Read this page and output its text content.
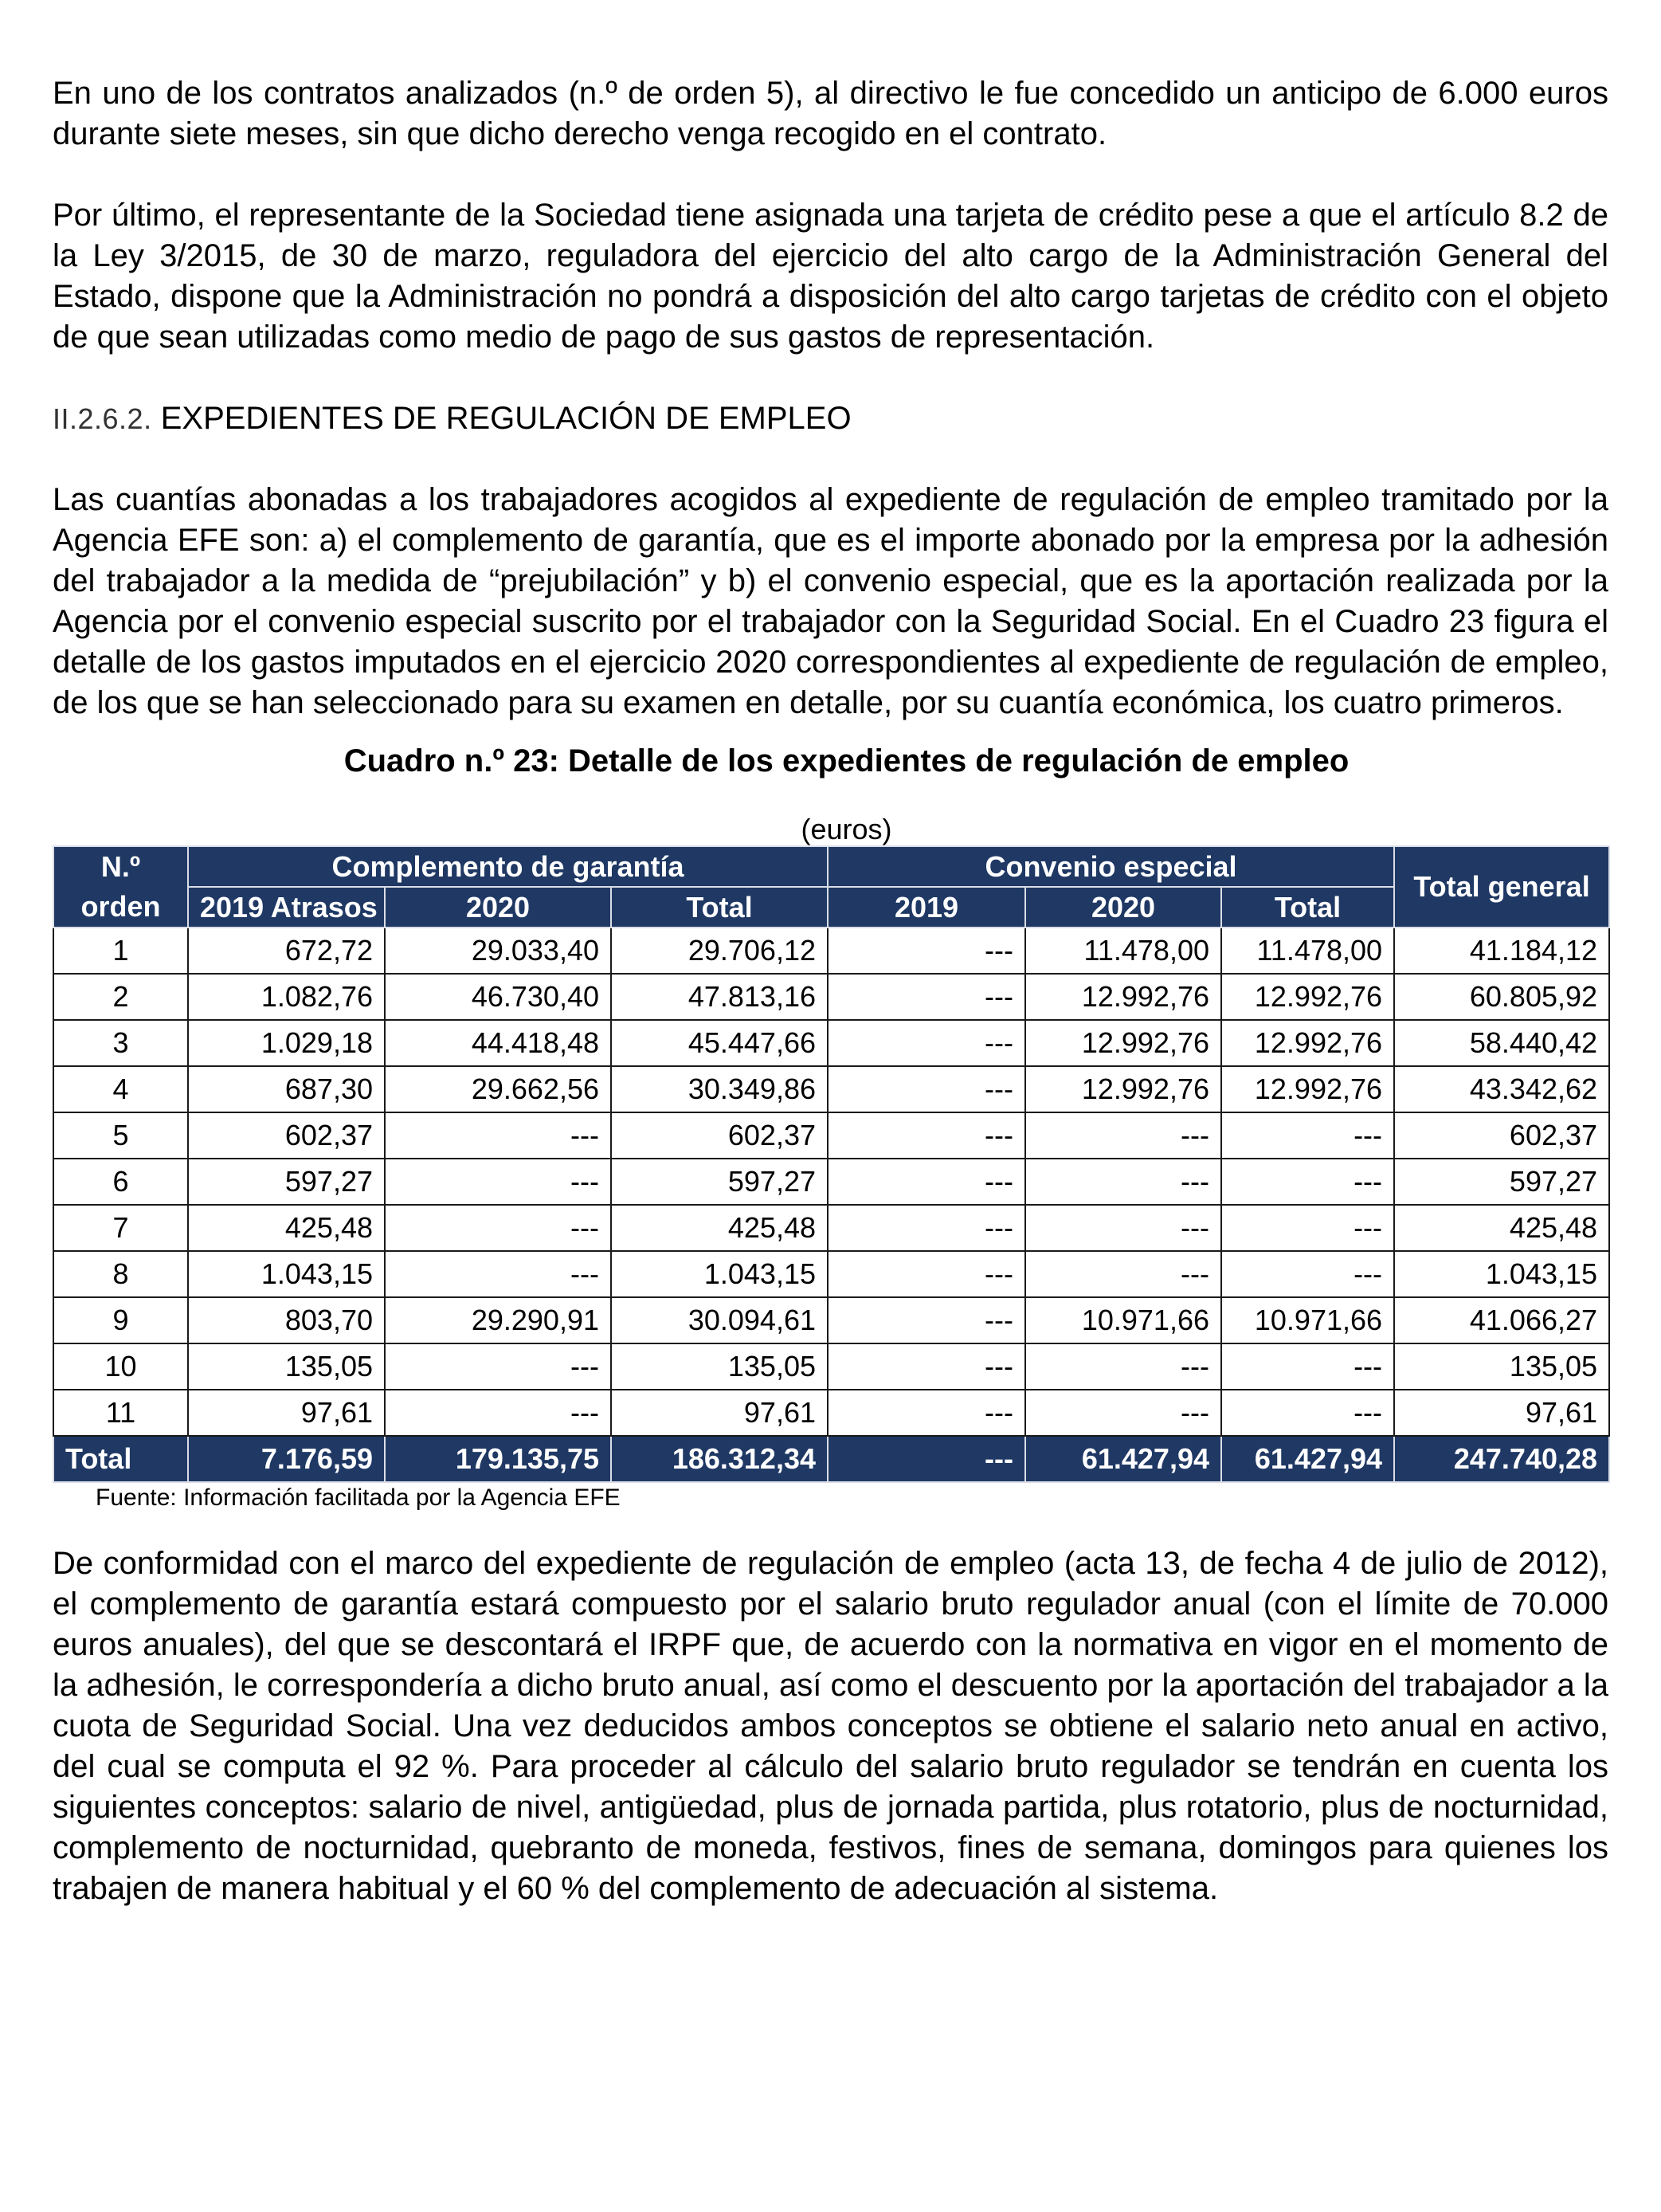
En uno de los contratos analizados (n.º de orden 5), al directivo le fue concedido un anticipo de 6.000 euros durante siete meses, sin que dicho derecho venga recogido en el contrato.

Por último, el representante de la Sociedad tiene asignada una tarjeta de crédito pese a que el artículo 8.2 de la Ley 3/2015, de 30 de marzo, reguladora del ejercicio del alto cargo de la Administración General del Estado, dispone que la Administración no pondrá a disposición del alto cargo tarjetas de crédito con el objeto de que sean utilizadas como medio de pago de sus gastos de representación.

II.2.6.2. EXPEDIENTES DE REGULACIÓN DE EMPLEO

Las cuantías abonadas a los trabajadores acogidos al expediente de regulación de empleo tramitado por la Agencia EFE son: a) el complemento de garantía, que es el importe abonado por la empresa por la adhesión del trabajador a la medida de “prejubilación” y b) el convenio especial, que es la aportación realizada por la Agencia por el convenio especial suscrito por el trabajador con la Seguridad Social. En el Cuadro 23 figura el detalle de los gastos imputados en el ejercicio 2020 correspondientes al expediente de regulación de empleo, de los que se han seleccionado para su examen en detalle, por su cuantía económica, los cuatro primeros.

Cuadro n.º 23: Detalle de los expedientes de regulación de empleo

(euros)

N.º orden	Complemento de garantía			Convenio especial			Total general
	2019 Atrasos	2020	Total	2019	2020	Total	
1	672,72	29.033,40	29.706,12	---	11.478,00	11.478,00	41.184,12
2	1.082,76	46.730,40	47.813,16	---	12.992,76	12.992,76	60.805,92
3	1.029,18	44.418,48	45.447,66	---	12.992,76	12.992,76	58.440,42
4	687,30	29.662,56	30.349,86	---	12.992,76	12.992,76	43.342,62
5	602,37	---	602,37	---	---	---	602,37
6	597,27	---	597,27	---	---	---	597,27
7	425,48	---	425,48	---	---	---	425,48
8	1.043,15	---	1.043,15	---	---	---	1.043,15
9	803,70	29.290,91	30.094,61	---	10.971,66	10.971,66	41.066,27
10	135,05	---	135,05	---	---	---	135,05
11	97,61	---	97,61	---	---	---	97,61
Total	7.176,59	179.135,75	186.312,34	---	61.427,94	61.427,94	247.740,28

Fuente: Información facilitada por la Agencia EFE

De conformidad con el marco del expediente de regulación de empleo (acta 13, de fecha 4 de julio de 2012), el complemento de garantía estará compuesto por el salario bruto regulador anual (con el límite de 70.000 euros anuales), del que se descontará el IRPF que, de acuerdo con la normativa en vigor en el momento de la adhesión, le correspondería a dicho bruto anual, así como el descuento por la aportación del trabajador a la cuota de Seguridad Social. Una vez deducidos ambos conceptos se obtiene el salario neto anual en activo, del cual se computa el 92 %. Para proceder al cálculo del salario bruto regulador se tendrán en cuenta los siguientes conceptos: salario de nivel, antigüedad, plus de jornada partida, plus rotatorio, plus de nocturnidad, complemento de nocturnidad, quebranto de moneda, festivos, fines de semana, domingos para quienes los trabajen de manera habitual y el 60 % del complemento de adecuación al sistema.
